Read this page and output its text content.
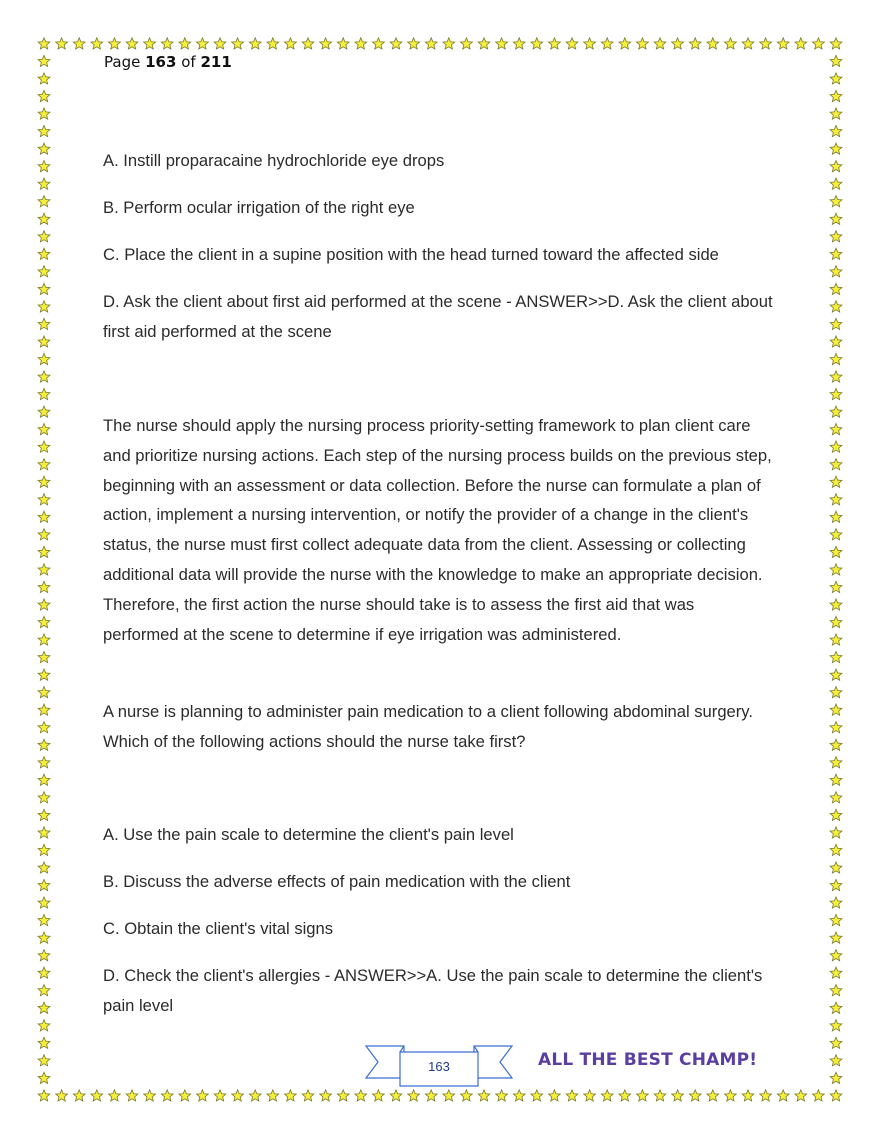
Page 163 of 211

A. Instill proparacaine hydrochloride eye drops

B. Perform ocular irrigation of the right eye

C. Place the client in a supine position with the head turned toward the affected side

D. Ask the client about first aid performed at the scene - ANSWER>>D. Ask the client about first aid performed at the scene

The nurse should apply the nursing process priority-setting framework to plan client care and prioritize nursing actions. Each step of the nursing process builds on the previous step, beginning with an assessment or data collection. Before the nurse can formulate a plan of action, implement a nursing intervention, or notify the provider of a change in the client's status, the nurse must first collect adequate data from the client. Assessing or collecting additional data will provide the nurse with the knowledge to make an appropriate decision. Therefore, the first action the nurse should take is to assess the first aid that was performed at the scene to determine if eye irrigation was administered.

A nurse is planning to administer pain medication to a client following abdominal surgery. Which of the following actions should the nurse take first?

A. Use the pain scale to determine the client's pain level

B. Discuss the adverse effects of pain medication with the client

C. Obtain the client's vital signs

D. Check the client's allergies - ANSWER>>A. Use the pain scale to determine the client's pain level

163	ALL THE BEST CHAMP!
